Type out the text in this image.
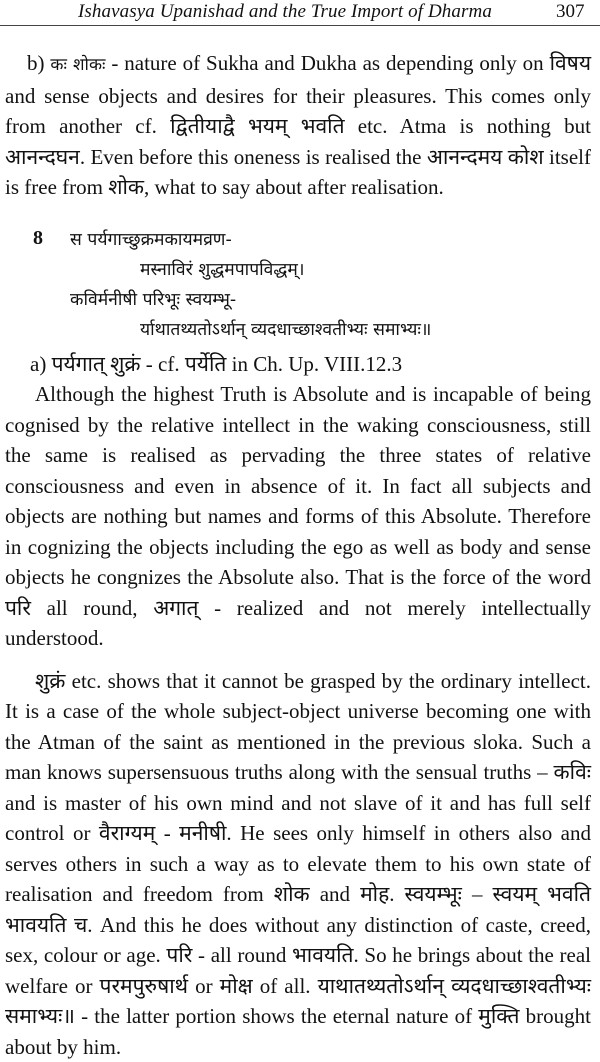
Ishavasya Upanishad and the True Import of Dharma	307

b) कः शोकः - nature of Sukha and Dukha as depending only on विषय and sense objects and desires for their pleasures. This comes only from another cf. द्वितीयाद्वै भयम् भवति etc. Atma is nothing but आनन्दघन. Even before this oneness is realised the आनन्दमय कोश itself is free from शोक, what to say about after realisation.

8 स पर्यगाच्छुक्रमकायमव्रण-
मस्नाविरं शुद्धमपापविद्धम्।
कविर्मनीषी परिभूः स्वयम्भू-
र्याथातथ्यतोऽर्थान् व्यदधाच्छाश्वतीभ्यः समाभ्यः॥

a) पर्यगात् शुक्रं - cf. पर्येति in Ch. Up. VIII.12.3

Although the highest Truth is Absolute and is incapable of being cognised by the relative intellect in the waking consciousness, still the same is realised as pervading the three states of relative consciousness and even in absence of it. In fact all subjects and objects are nothing but names and forms of this Absolute. Therefore in cognizing the objects including the ego as well as body and sense objects he congnizes the Absolute also. That is the force of the word परि all round, अगात् - realized and not merely intellectually understood.

शुक्रं etc. shows that it cannot be grasped by the ordinary intellect. It is a case of the whole subject-object universe becoming one with the Atman of the saint as mentioned in the previous sloka. Such a man knows supersensuous truths along with the sensual truths – कविः and is master of his own mind and not slave of it and has full self control or वैराग्यम् - मनीषी. He sees only himself in others also and serves others in such a way as to elevate them to his own state of realisation and freedom from शोक and मोह. स्वयम्भूः – स्वयम् भवति भावयति च. And this he does without any distinction of caste, creed, sex, colour or age. परि - all round भावयति. So he brings about the real welfare or परमपुरुषार्थ or मोक्ष of all. याथातथ्यतोऽर्थान् व्यदधाच्छाश्वतीभ्यः समाभ्यः॥ - the latter portion shows the eternal nature of मुक्ति brought about by him.
